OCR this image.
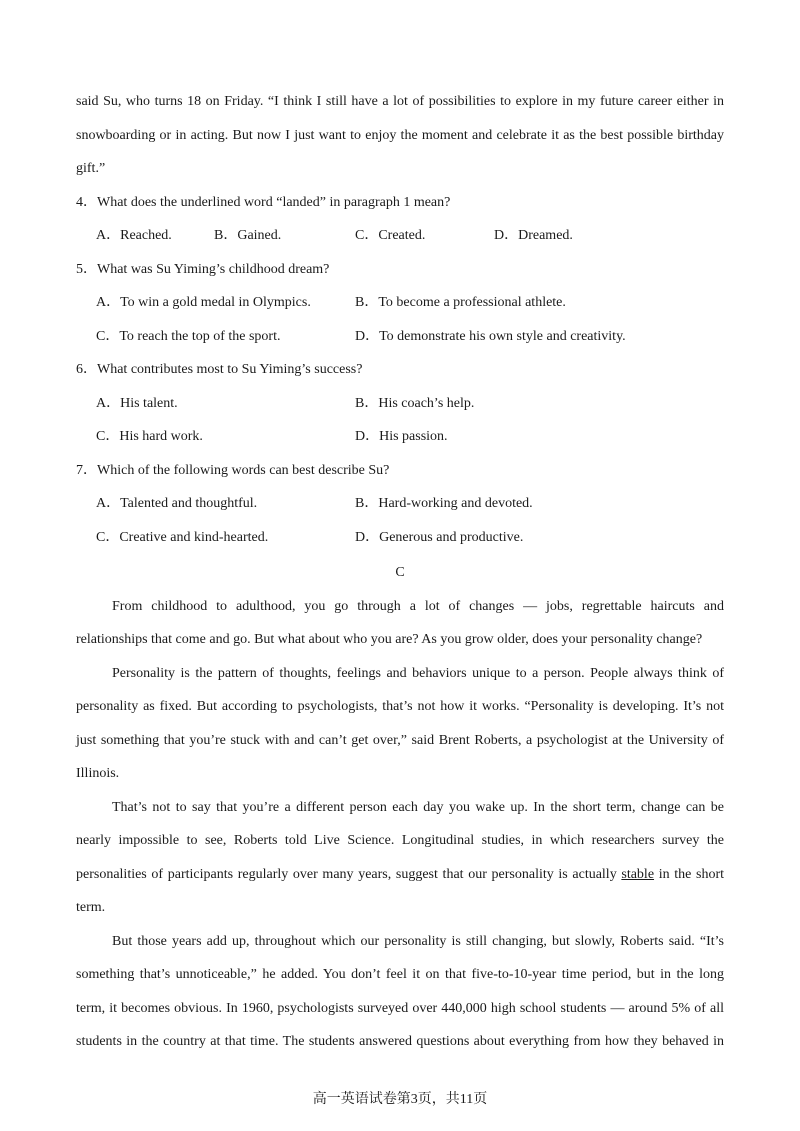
said Su, who turns 18 on Friday. “I think I still have a lot of possibilities to explore in my future career either in
snowboarding or in acting. But now I just want to enjoy the moment and celebrate it as the best possible birthday
gift.”
4．What does the underlined word “landed” in paragraph 1 mean?
A．Reached.	B．Gained.	C．Created.	D．Dreamed.
5．What was Su Yiming’s childhood dream?
A．To win a gold medal in Olympics.	B．To become a professional athlete.
C．To reach the top of the sport.	D．To demonstrate his own style and creativity.
6．What contributes most to Su Yiming’s success?
A．His talent.	B．His coach’s help.
C．His hard work.	D．His passion.
7．Which of the following words can best describe Su?
A．Talented and thoughtful.	B．Hard-working and devoted.
C．Creative and kind-hearted.	D．Generous and productive.
C
From childhood to adulthood, you go through a lot of changes — jobs, regrettable haircuts and
relationships that come and go. But what about who you are? As you grow older, does your personality change?
Personality is the pattern of thoughts, feelings and behaviors unique to a person. People always think of
personality as fixed. But according to psychologists, that’s not how it works. “Personality is developing. It’s not
just something that you’re stuck with and can’t get over,” said Brent Roberts, a psychologist at the University of
Illinois.
That’s not to say that you’re a different person each day you wake up. In the short term, change can be
nearly impossible to see, Roberts told Live Science. Longitudinal studies, in which researchers survey the
personalities of participants regularly over many years, suggest that our personality is actually stable in the short
term.
But those years add up, throughout which our personality is still changing, but slowly, Roberts said. “It’s
something that’s unnoticeable,” he added. You don’t feel it on that five-to-10-year time period, but in the long
term, it becomes obvious. In 1960, psychologists surveyed over 440,000 high school students — around 5% of all
students in the country at that time. The students answered questions about everything from how they behaved in
高一英语试卷第3页，共11页
